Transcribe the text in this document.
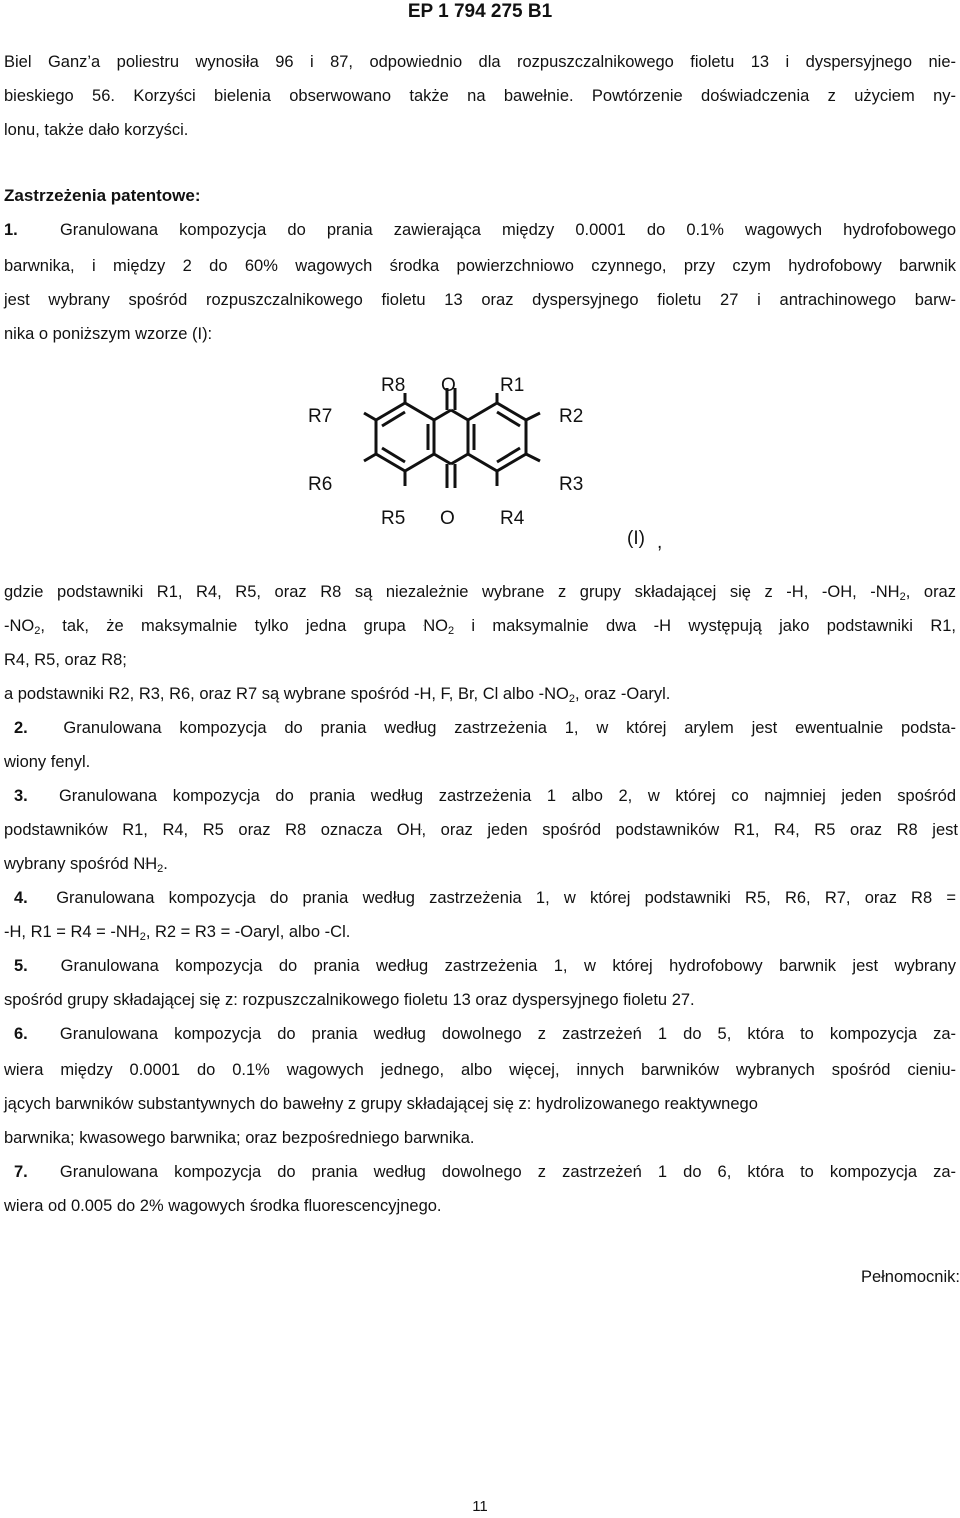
EP 1 794 275 B1
Biel Ganz’a poliestru wynosiła 96 i 87, odpowiednio dla rozpuszczalnikowego fioletu 13 i dyspersyjnego nie-
bieskiego 56. Korzyści bielenia obserwowano także na bawełnie. Powtórzenie doświadczenia z użyciem ny-
lonu, także dało korzyści.
Zastrzeżenia patentowe:
1.	Granulowana kompozycja do prania zawierająca między 0.0001 do 0.1% wagowych hydrofobowego
barwnika, i między 2 do 60% wagowych środka powierzchniowo czynnego, przy czym hydrofobowy barwnik
jest wybrany spośród rozpuszczalnikowego fioletu 13 oraz dyspersyjnego fioletu 27 i antrachinowego barw-
nika o poniższym wzorze (I):
R8 O R1
R7	R2
R6	R3
R5 O R4
(I) ,
gdzie podstawniki R1, R4, R5, oraz R8 są niezależnie wybrane z grupy składającej się z -H, -OH, $-NH_2$, oraz
$-NO_2$, tak, że maksymalnie tylko jedna grupa $NO_2$ i maksymalnie dwa -H występują jako podstawniki R1,
R4, R5, oraz R8;
a podstawniki R2, R3, R6, oraz R7 są wybrane spośród -H, F, Br, Cl albo $-NO_2$, oraz -Oaryl.
2. Granulowana kompozycja do prania według zastrzeżenia 1, w której arylem jest ewentualnie podsta-
wiony fenyl.
3. Granulowana kompozycja do prania według zastrzeżenia 1 albo 2, w której co najmniej jeden spośród
podstawników R1, R4, R5 oraz R8 oznacza OH, oraz jeden spośród podstawników R1, R4, R5 oraz R8 jest
wybrany spośród $NH_2$.
4. Granulowana kompozycja do prania według zastrzeżenia 1, w której podstawniki R5, R6, R7, oraz R8 =
-H, $R1 = R4 = -NH_2$, R2 = R3 = -Oaryl, albo -Cl.
5. Granulowana kompozycja do prania według zastrzeżenia 1, w której hydrofobowy barwnik jest wybrany
spośród grupy składającej się z: rozpuszczalnikowego fioletu 13 oraz dyspersyjnego fioletu 27.
6. Granulowana kompozycja do prania według dowolnego z zastrzeżeń 1 do 5, która to kompozycja za-
wiera między 0.0001 do 0.1% wagowych jednego, albo więcej, innych barwników wybranych spośród cieniu-
jących barwników substantywnych do bawełny z grupy składającej się z: hydrolizowanego reaktywnego
barwnika; kwasowego barwnika; oraz bezpośredniego barwnika.
7. Granulowana kompozycja do prania według dowolnego z zastrzeżeń 1 do 6, która to kompozycja za-
wiera od 0.005 do 2% wagowych środka fluorescencyjnego.
Pełnomocnik:
11
